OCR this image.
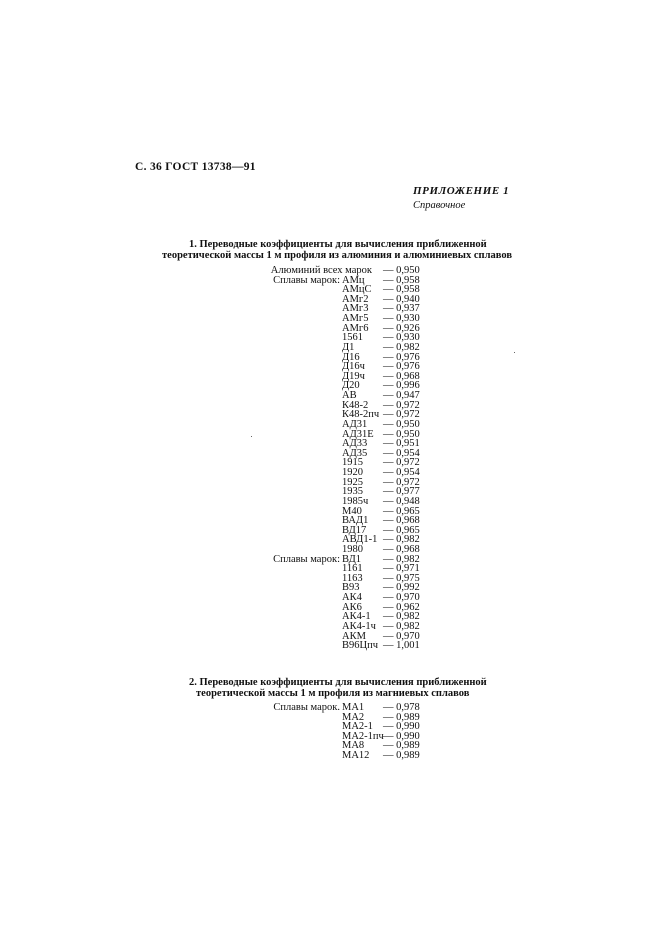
С. 36 ГОСТ 13738—91
ПРИЛОЖЕНИЕ 1
Справочное
1. Переводные коэффициенты для вычисления приближенной
теоретической массы 1 м профиля из алюминия и алюминиевых сплавов
Алюминий всех марок — 0,950
Сплавы марок: АМц — 0,958
АМцС — 0,958
АМг2 — 0,940
АМг3 — 0,937
АМг5 — 0,930
АМг6 — 0,926
1561 — 0,930
Д1	— 0,982
Д16 — 0,976
Д16ч — 0,976
Д19ч — 0,968
Д20 — 0,996
АВ	— 0,947
К48-2 — 0,972
К48-2пч — 0,972
АД31 — 0,950
АД31Е — 0,950
АД33 — 0,951
АД35 — 0,954
1915 — 0,972
1920 — 0,954
1925 — 0,972
1935 — 0,977
1985ч — 0,948
М40 — 0,965
ВАД1 — 0,968
ВД17 — 0,965
АВД1-1 — 0,982
1980 — 0,968
Сплавы марок: ВД1 — 0,982
1161 — 0,971
1163 — 0,975
В93 — 0,992
АК4 — 0,970
АК6 — 0,962
АК4-1 — 0,982
АК4-1ч — 0,982
АКМ — 0,970
В96Цпч — 1,001
2. Переводные коэффициенты для вычисления приближенной
теоретической массы 1 м профиля из магниевых сплавов
Сплавы марок. МА1 — 0,978
МА2 — 0,989
МА2-1 — 0,990
МА2-1пч — 0,990
МА8 — 0,989
МА12 — 0,989
